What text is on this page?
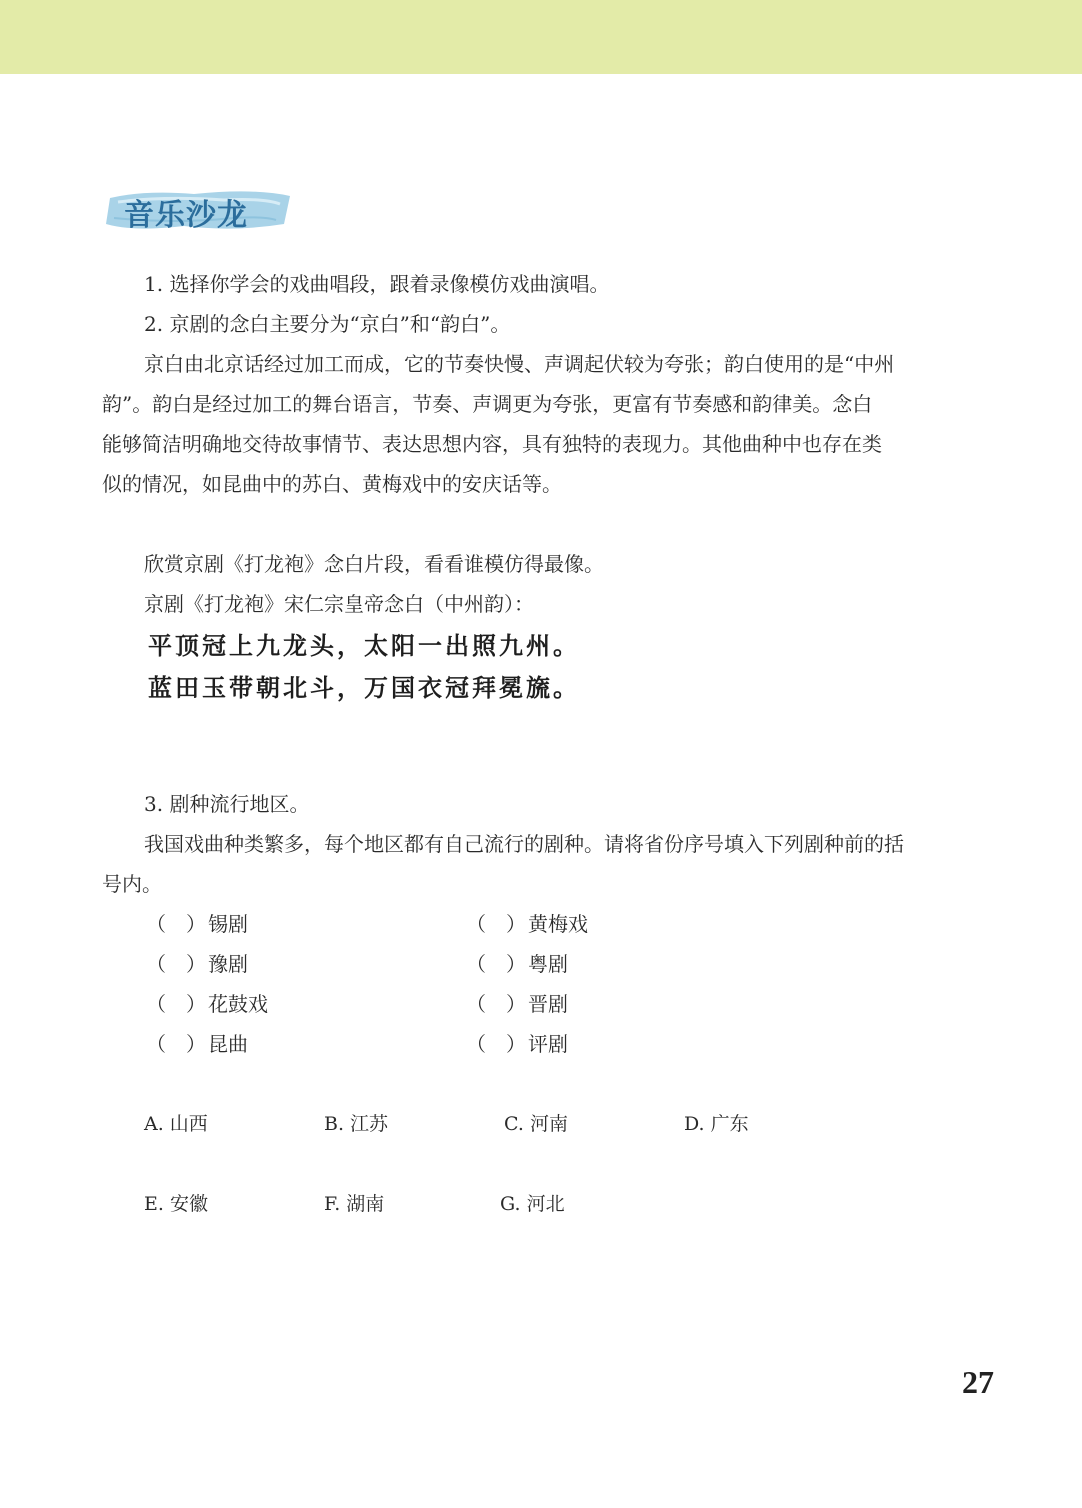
音乐沙龙
1. 选择你学会的戏曲唱段，跟着录像模仿戏曲演唱。
2. 京剧的念白主要分为“京白”和“韵白”。
京白由北京话经过加工而成，它的节奏快慢、声调起伏较为夸张；韵白使用的是“中州
韵”。韵白是经过加工的舞台语言，节奏、声调更为夸张，更富有节奏感和韵律美。念白
能够简洁明确地交待故事情节、表达思想内容，具有独特的表现力。其他曲种中也存在类
似的情况，如昆曲中的苏白、黄梅戏中的安庆话等。
欣赏京剧《打龙袍》念白片段，看看谁模仿得最像。
京剧《打龙袍》宋仁宗皇帝念白（中州韵）：
平顶冠上九龙头，太阳一出照九州。
蓝田玉带朝北斗，万国衣冠拜冕旒。
3. 剧种流行地区。
我国戏曲种类繁多，每个地区都有自己流行的剧种。请将省份序号填入下列剧种前的括
号内。
（　） 锡剧	（　） 黄梅戏
（　） 豫剧	（　） 粤剧
（　） 花鼓戏	（　） 晋剧
（　） 昆曲	（　） 评剧
A. 山西	B. 江苏	C. 河南	D. 广东
E. 安徽	F. 湖南	G. 河北
27
